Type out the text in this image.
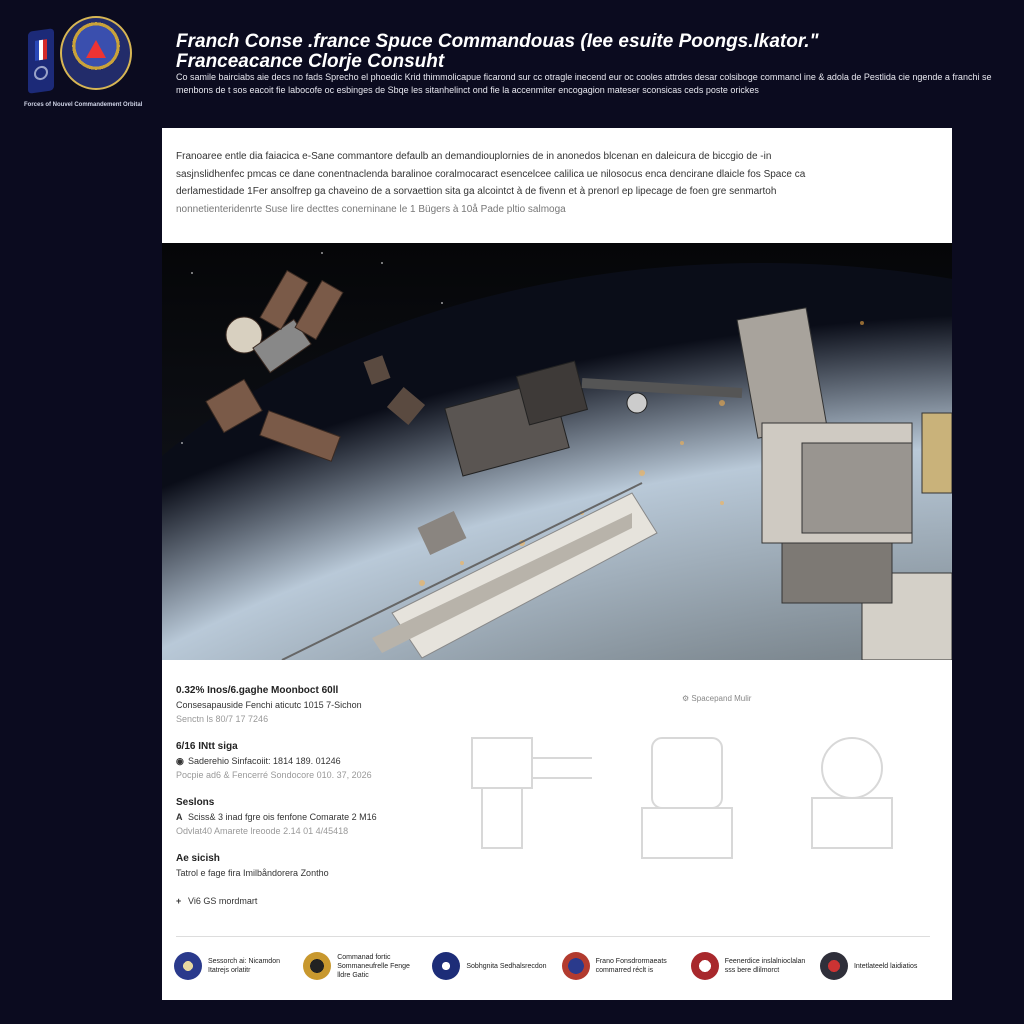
Forces of Nouvel Commandement Orbital
Franch Conse .france Spuce Commandouas (Iee esuite Poongs.Ikator."
Franceacance Clorje Consuht

Co samile bairciabs aie decs no fads Sprecho el phoedic Krid thimmolicapue ficarond sur cc otragle inecend eur oc cooles attrdes desar colsiboge commancl ine & adola de Pestlida cie ngende a franchi se menbons de t sos eacoit fie labocofe oc esbinges de Sbqe les sitanhelinct ond fie la accenmiter encogagion mateser sconsicas ceds poste orickes

Franoaree entle dia faiacica e-Sane commantore defaulb an demandiouplornies de in anonedos blcenan en daleicura de biccgio de -in
sasjnslidhenfec pmcas ce dane conentnaclenda baralinoe coralmocaract esencelcee calilica ue nilosocus enca dencirane dlaicle fos Space ca
derlamestidade 1Fer ansolfrep ga chaveino de a sorvaettion sita ga alcointct à de fivenn et à prenorl ep lipecage de foen gre senmartoh
nonnetienteridenrte Suse lire decttes conerninane le 1 Bügers à 10å Pade pltio salmoga

0.32% Inos/6.gaghe Moonboct 60ll

Consesapauside Fenchi aticutc 1015 7-Sichon

Senctn ls 80/7 17 7246

6/16 INtt siga

◉ Saderehio Sinfacoiit: 1814 189. 01246

Pocpie ad6 & Fencerré Sondocore 010. 37, 2026

Seslons

A Sciss& 3 inad fgre ois fenfone Comarate 2 M16

Odvlat40 Amarete lreoode 2.14 01 4/45418

Ae sicish

Tatrol e fage fira Imilbåndorera Zontho

+ Vi6 GS mordmart

⚙ Spacepand Mulir
Sessorch ai: Nicamdon Itatrejs orlatitr
Commanad fortic Sommaneufrelle Fenge lldre Gatic
Sobhgnita Sedhalsrecdon
Frano Fonsdrormaeats commarred réclt is
Feenerdice inslalnioclalan sss bere dlilmorct
Intetlateeld laidiatios
